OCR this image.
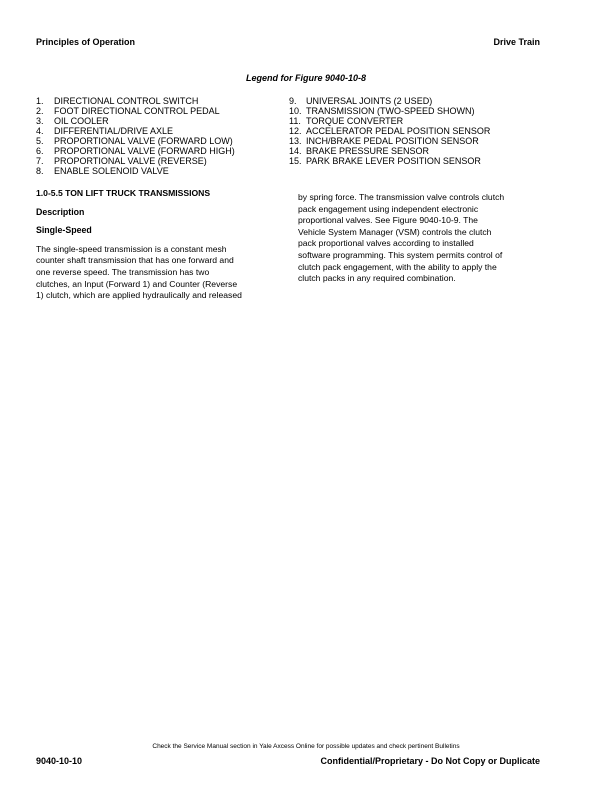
Principles of Operation	Drive Train
Legend for Figure 9040-10-8
1. DIRECTIONAL CONTROL SWITCH
2. FOOT DIRECTIONAL CONTROL PEDAL
3. OIL COOLER
4. DIFFERENTIAL/DRIVE AXLE
5. PROPORTIONAL VALVE (FORWARD LOW)
6. PROPORTIONAL VALVE (FORWARD HIGH)
7. PROPORTIONAL VALVE (REVERSE)
8. ENABLE SOLENOID VALVE
9. UNIVERSAL JOINTS (2 USED)
10. TRANSMISSION (TWO-SPEED SHOWN)
11. TORQUE CONVERTER
12. ACCELERATOR PEDAL POSITION SENSOR
13. INCH/BRAKE PEDAL POSITION SENSOR
14. BRAKE PRESSURE SENSOR
15. PARK BRAKE LEVER POSITION SENSOR
1.0-5.5 TON LIFT TRUCK TRANSMISSIONS
Description
Single-Speed
The single-speed transmission is a constant mesh
counter shaft transmission that has one forward and
one reverse speed. The transmission has two
clutches, an Input (Forward 1) and Counter (Reverse
1) clutch, which are applied hydraulically and released
by spring force. The transmission valve controls clutch
pack engagement using independent electronic
proportional valves. See Figure 9040-10-9. The
Vehicle System Manager (VSM) controls the clutch
pack proportional valves according to installed
software programming. This system permits control of
clutch pack engagement, with the ability to apply the
clutch packs in any required combination.
Check the Service Manual section in Yale Axcess Online for possible updates and check pertinent Bulletins
9040-10-10	Confidential/Proprietary - Do Not Copy or Duplicate
